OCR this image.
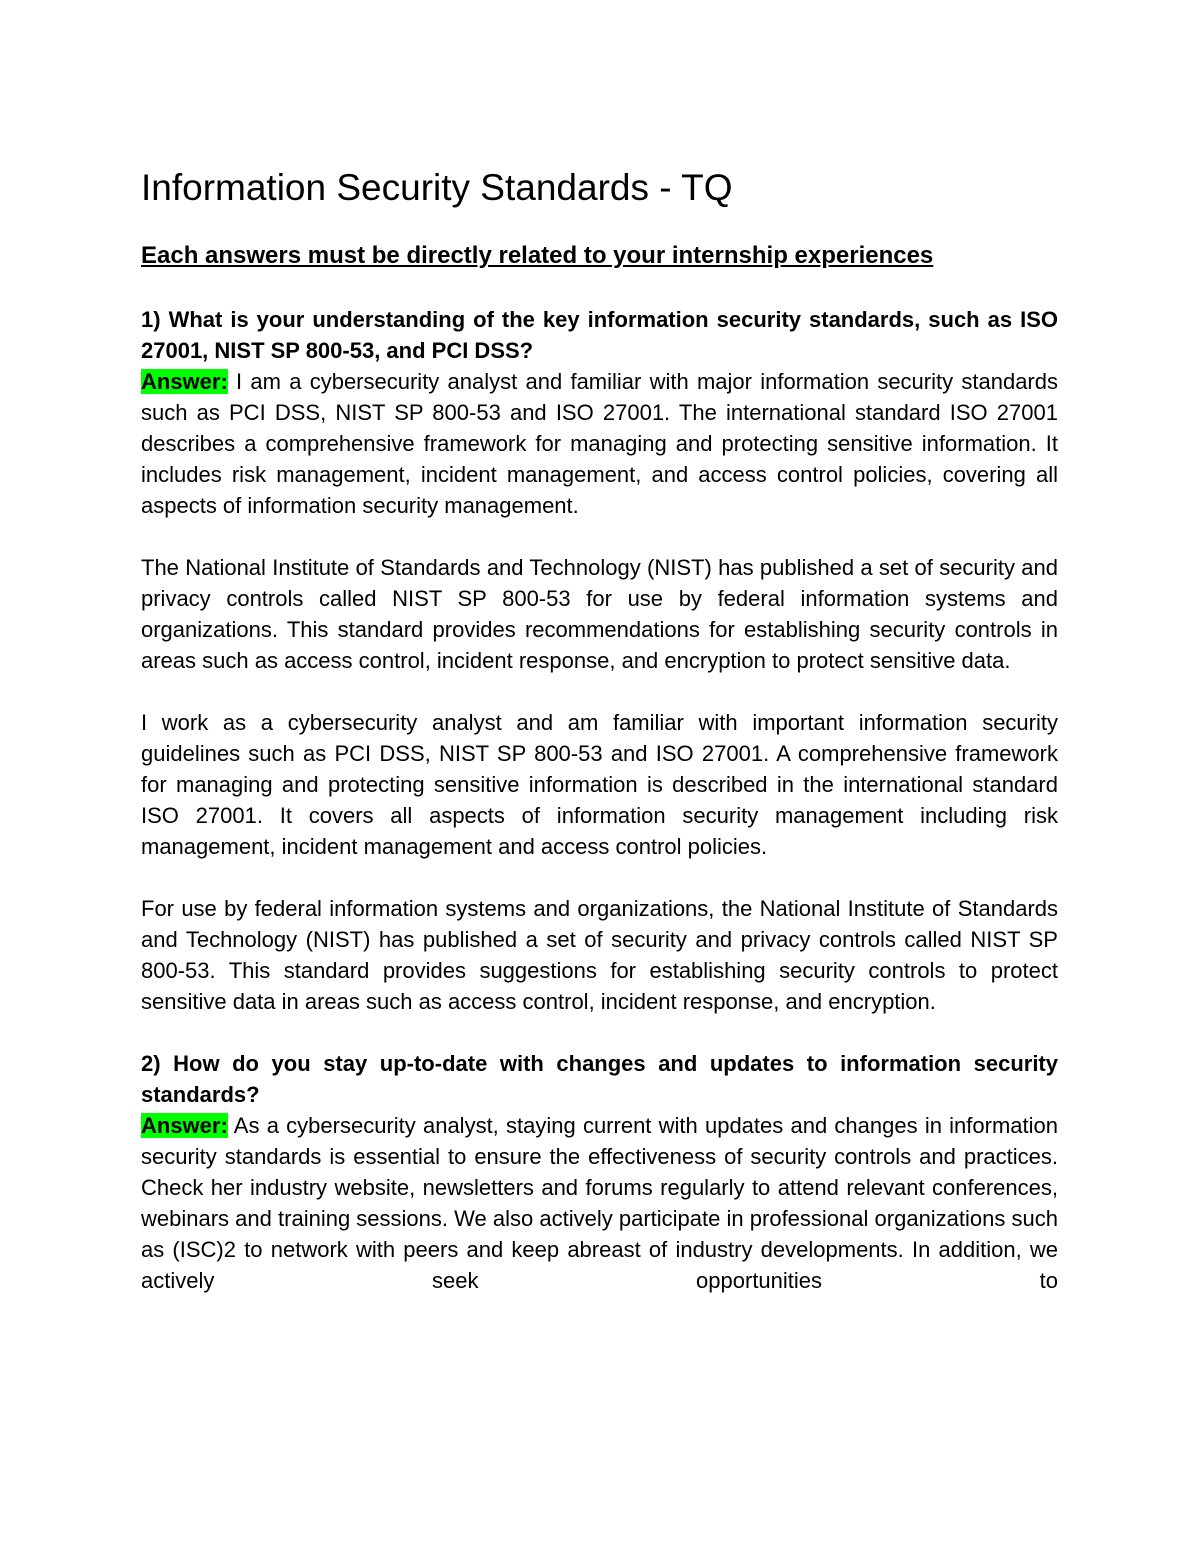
Information Security Standards - TQ
Each answers must be directly related to your internship experiences

1) What is your understanding of the key information security standards, such as ISO 27001, NIST SP 800-53, and PCI DSS?

Answer: I am a cybersecurity analyst and familiar with major information security standards such as PCI DSS, NIST SP 800-53 and ISO 27001. The international standard ISO 27001 describes a comprehensive framework for managing and protecting sensitive information. It includes risk management, incident management, and access control policies, covering all aspects of information security management.

The National Institute of Standards and Technology (NIST) has published a set of security and privacy controls called NIST SP 800-53 for use by federal information systems and organizations. This standard provides recommendations for establishing security controls in areas such as access control, incident response, and encryption to protect sensitive data.

I work as a cybersecurity analyst and am familiar with important information security guidelines such as PCI DSS, NIST SP 800-53 and ISO 27001. A comprehensive framework for managing and protecting sensitive information is described in the international standard ISO 27001. It covers all aspects of information security management including risk management, incident management and access control policies.

For use by federal information systems and organizations, the National Institute of Standards and Technology (NIST) has published a set of security and privacy controls called NIST SP 800-53. This standard provides suggestions for establishing security controls to protect sensitive data in areas such as access control, incident response, and encryption.

2) How do you stay up-to-date with changes and updates to information security standards?

Answer: As a cybersecurity analyst, staying current with updates and changes in information security standards is essential to ensure the effectiveness of security controls and practices. Check her industry website, newsletters and forums regularly to attend relevant conferences, webinars and training sessions. We also actively participate in professional organizations such as (ISC)2 to network with peers and keep abreast of industry developments. In addition, we actively seek opportunities to
